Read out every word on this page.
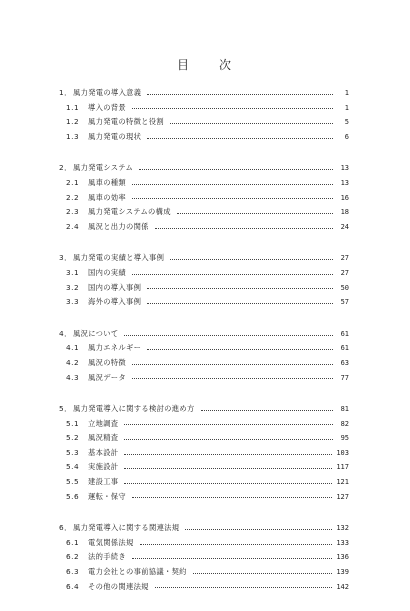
目 次
1． 風力発電の導入意義	1
1.1	導入の背景	1
1.2	風力発電の特徴と役割	5
1.3	風力発電の現状	6
2． 風力発電システム	13
2.1	風車の種類	13
2.2	風車の効率	16
2.3	風力発電システムの構成	18
2.4	風況と出力の関係	24
3． 風力発電の実績と導入事例	27
3.1	国内の実績	27
3.2	国内の導入事例	50
3.3	海外の導入事例	57
4． 風況について	61
4.1	風力エネルギー	61
4.2	風況の特徴	63
4.3	風況データ	77
5． 風力発電導入に関する検討の進め方	81
5.1	立地調査	82
5.2	風況精査	95
5.3	基本設計	103
5.4	実施設計	117
5.5	建設工事	121
5.6	運転・保守	127
6． 風力発電導入に関する関連法規	132
6.1	電気関係法規	133
6.2	法的手続き	136
6.3	電力会社との事前協議・契約	139
6.4	その他の関連法規	142
